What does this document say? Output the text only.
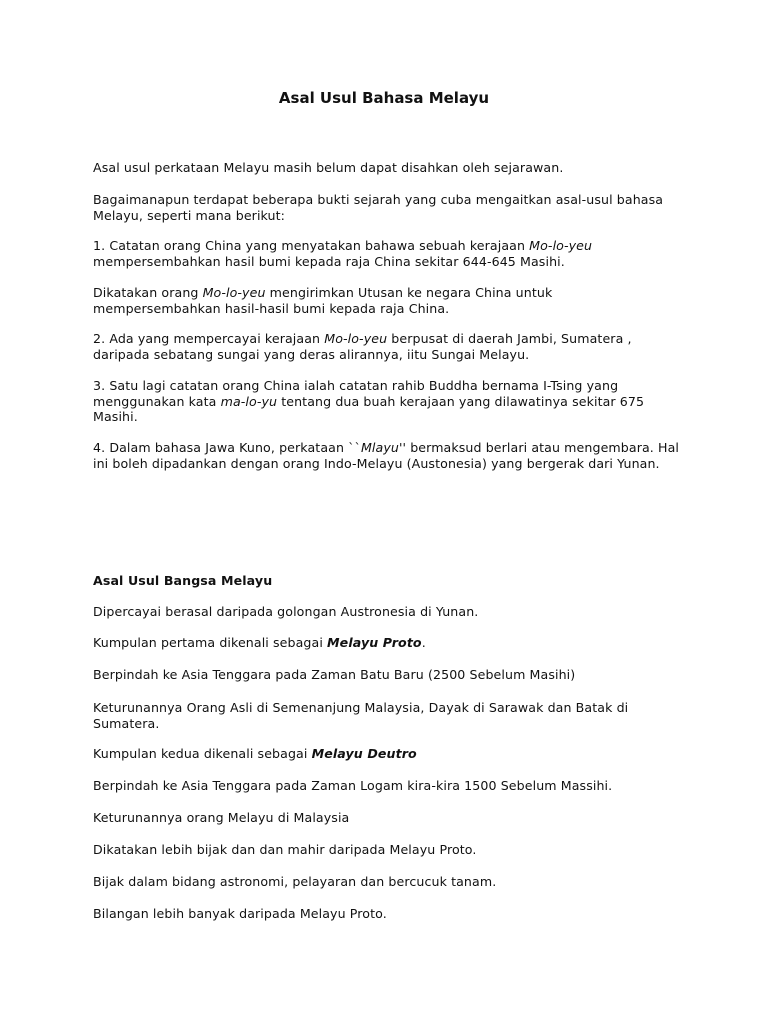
Asal Usul Bahasa Melayu

Asal usul perkataan Melayu masih belum dapat disahkan oleh sejarawan.

Bagaimanapun terdapat beberapa bukti sejarah yang cuba mengaitkan asal-usul bahasa Melayu, seperti mana berikut:

1. Catatan orang China yang menyatakan bahawa sebuah kerajaan Mo-lo-yeu mempersembahkan hasil bumi kepada raja China sekitar 644-645 Masihi.

Dikatakan orang Mo-lo-yeu mengirimkan Utusan ke negara China untuk mempersembahkan hasil-hasil bumi kepada raja China.

2. Ada yang mempercayai kerajaan Mo-lo-yeu berpusat di daerah Jambi, Sumatera , daripada sebatang sungai yang deras alirannya, iitu Sungai Melayu.

3. Satu lagi catatan orang China ialah catatan rahib Buddha bernama I-Tsing yang menggunakan kata ma-lo-yu tentang dua buah kerajaan yang dilawatinya sekitar 675 Masihi.

4. Dalam bahasa Jawa Kuno, perkataan ``Mlayu'' bermaksud berlari atau mengembara. Hal ini boleh dipadankan dengan orang Indo-Melayu (Austonesia) yang bergerak dari Yunan.

Asal Usul Bangsa Melayu

Dipercayai berasal daripada golongan Austronesia di Yunan.

Kumpulan pertama dikenali sebagai Melayu Proto.

Berpindah ke Asia Tenggara pada Zaman Batu Baru (2500 Sebelum Masihi)

Keturunannya Orang Asli di Semenanjung Malaysia, Dayak di Sarawak dan Batak di Sumatera.

Kumpulan kedua dikenali sebagai Melayu Deutro

Berpindah ke Asia Tenggara pada Zaman Logam kira-kira 1500 Sebelum Massihi.

Keturunannya orang Melayu di Malaysia

Dikatakan lebih bijak dan dan mahir daripada Melayu Proto.

Bijak dalam bidang astronomi, pelayaran dan bercucuk tanam.

Bilangan lebih banyak daripada Melayu Proto.
